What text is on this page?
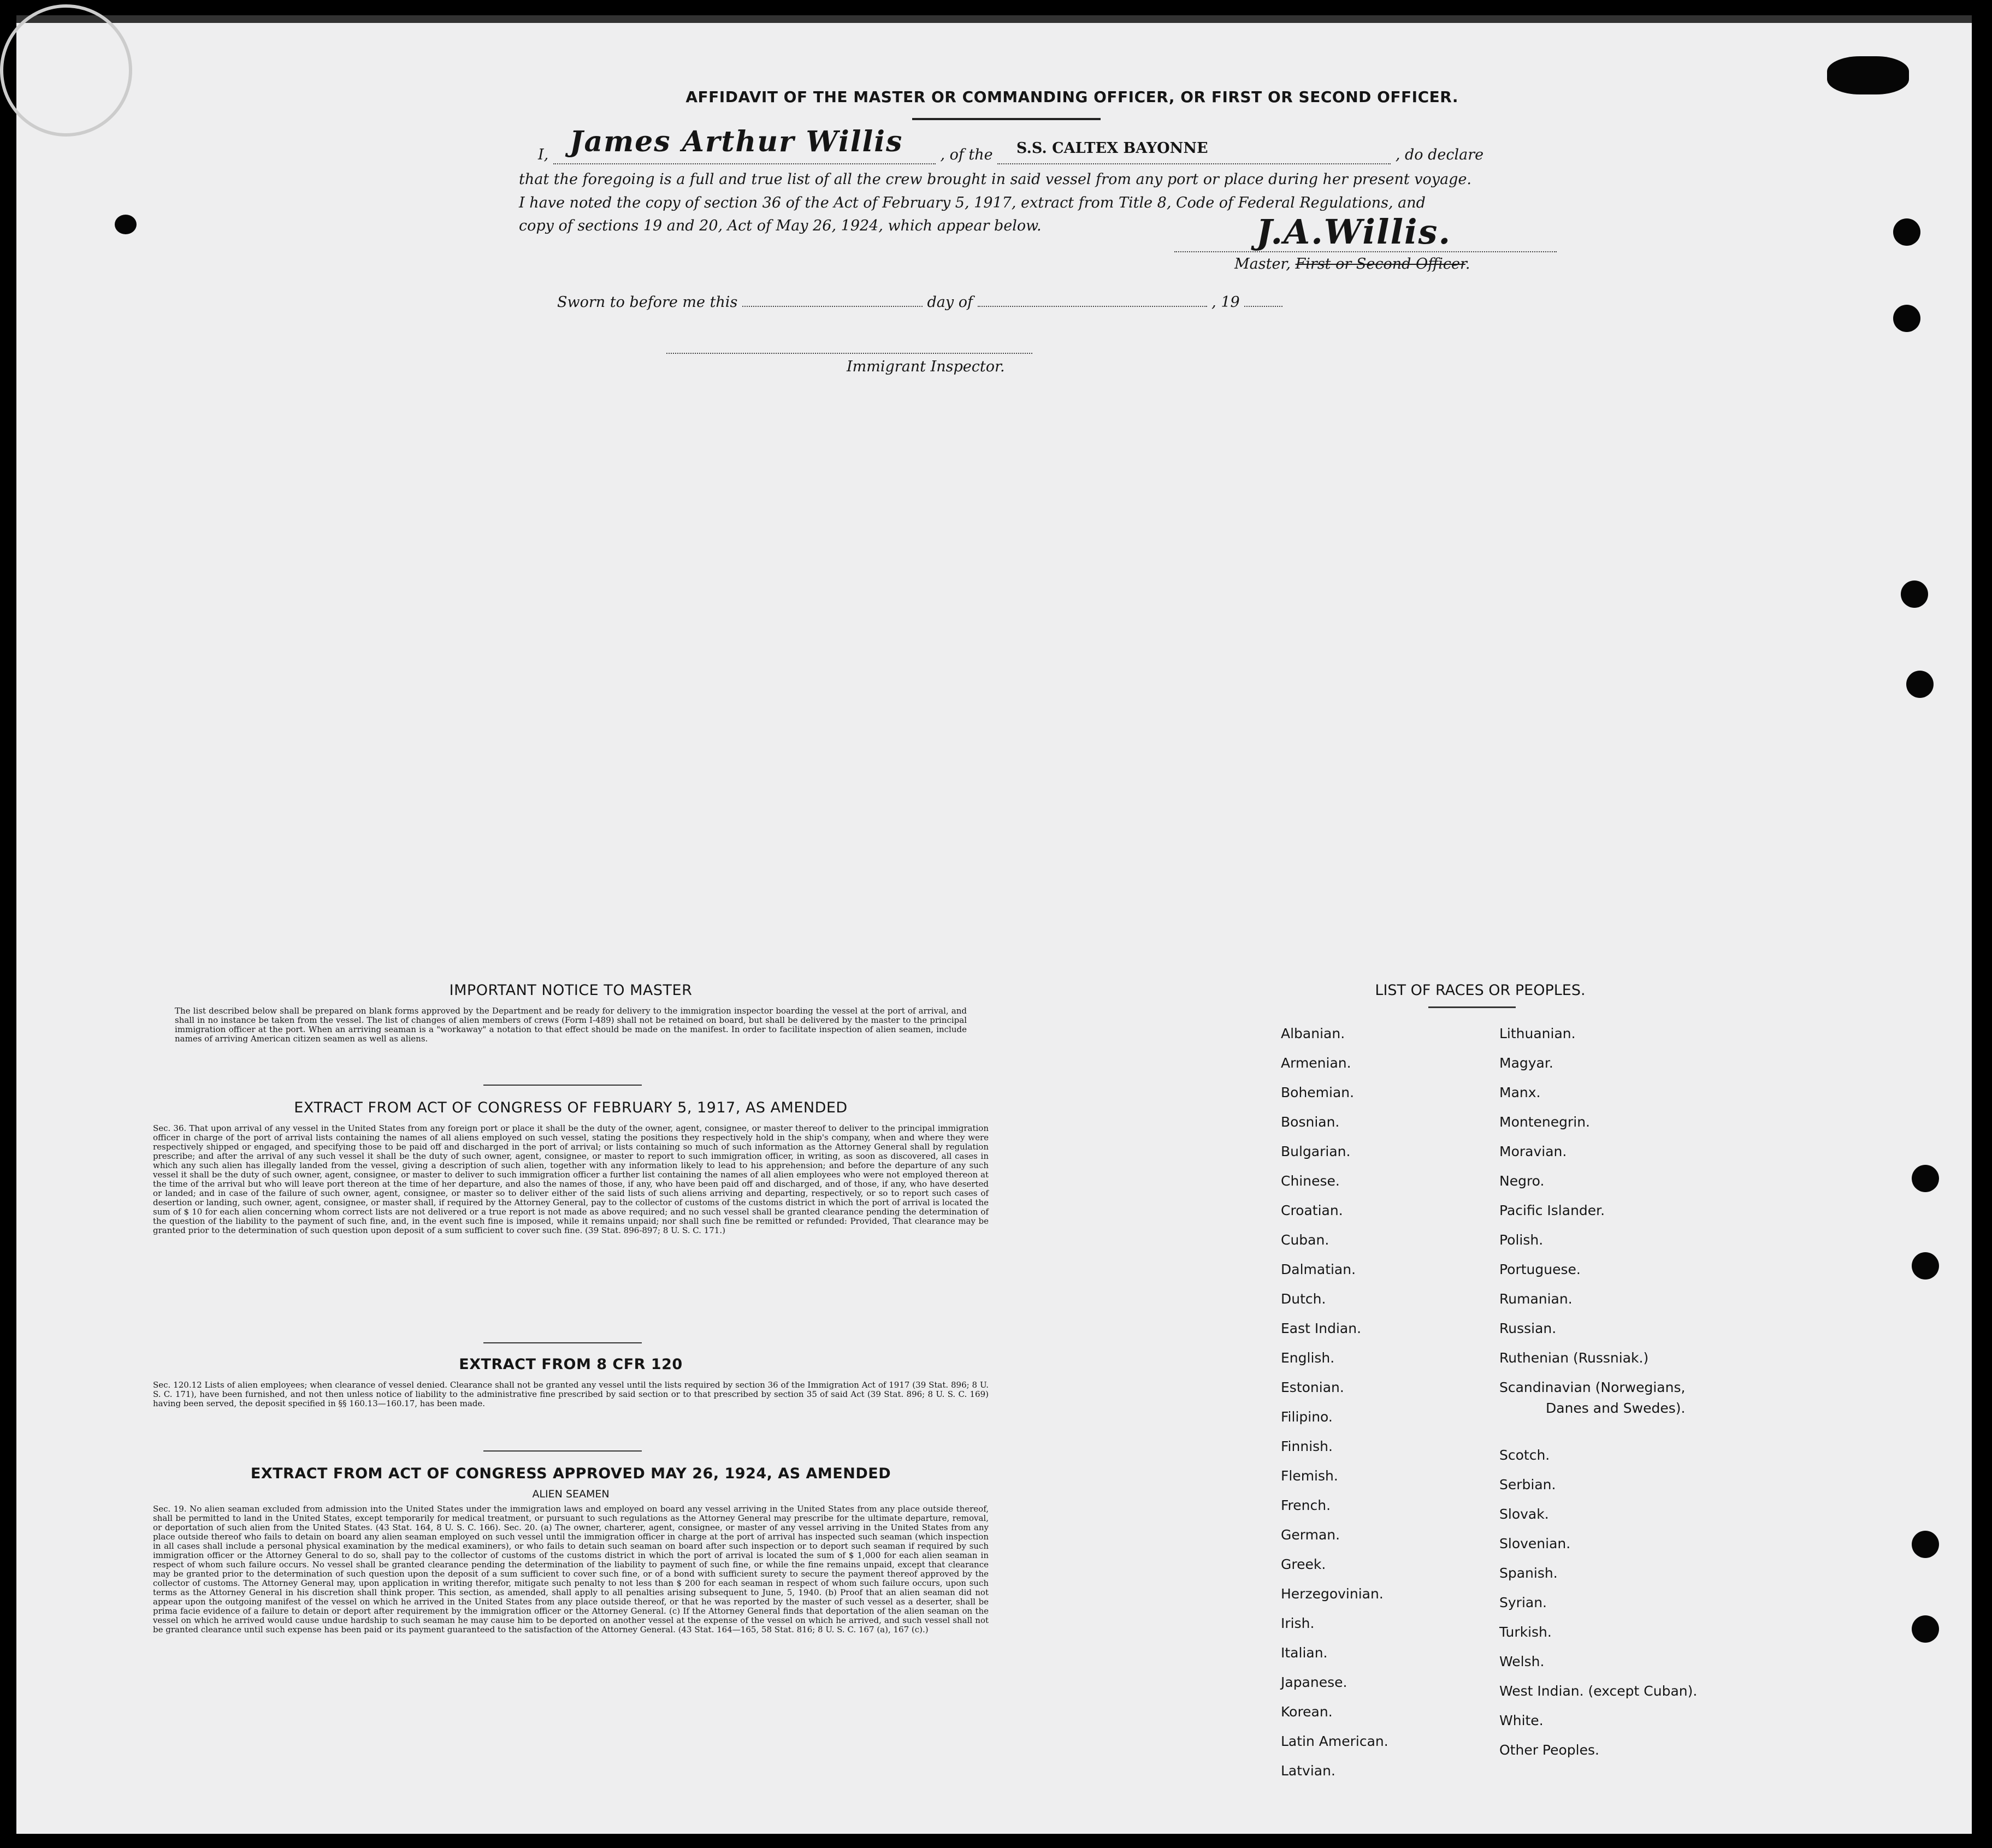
AFFIDAVIT OF THE MASTER OR COMMANDING OFFICER, OR FIRST OR SECOND OFFICER.
I, James Arthur Willis	, of the S.S. CALTEX BAYONNE	, do declare
that the foregoing is a full and true list of all the crew brought in said vessel from any port or place during her present voyage.
I have noted the copy of section 36 of the Act of February 5, 1917, extract from Title 8, Code of Federal Regulations, and
copy of sections 19 and 20, Act of May 26, 1924, which appear below.	J.A.Willis.
Master, First or Second Officer.
Sworn to before me this	day of	, 19
Immigrant Inspector.
IMPORTANT NOTICE TO MASTER
The list described below shall be prepared on blank forms approved by the Department and be ready for delivery to the immigration inspector boarding the vessel at the port of arrival, and shall in no instance be taken from the vessel. The list of changes of alien members of crews (Form I-489) shall not be retained on board, but shall be delivered by the master to the principal immigration officer at the port. When an arriving seaman is a "workaway" a notation to that effect should be made on the manifest. In order to facilitate inspection of alien seamen, include names of arriving American citizen seamen as well as aliens.
EXTRACT FROM ACT OF CONGRESS OF FEBRUARY 5, 1917, AS AMENDED
Sec. 36. That upon arrival of any vessel in the United States from any foreign port or place it shall be the duty of the owner, agent, consignee, or master thereof to deliver to the principal immigration officer in charge of the port of arrival lists containing the names of all aliens employed on such vessel, stating the positions they respectively hold in the ship's company, when and where they were respectively shipped or engaged, and specifying those to be paid off and discharged in the port of arrival; or lists containing so much of such information as the Attorney General shall by regulation prescribe; and after the arrival of any such vessel it shall be the duty of such owner, agent, consignee, or master to report to such immigration officer, in writing, as soon as discovered, all cases in which any such alien has illegally landed from the vessel, giving a description of such alien, together with any information likely to lead to his apprehension; and before the departure of any such vessel it shall be the duty of such owner, agent, consignee, or master to deliver to such immigration officer a further list containing the names of all alien employees who were not employed thereon at the time of the arrival but who will leave port thereon at the time of her departure, and also the names of those, if any, who have been paid off and discharged, and of those, if any, who have deserted or landed; and in case of the failure of such owner, agent, consignee, or master so to deliver either of the said lists of such aliens arriving and departing, respectively, or so to report such cases of desertion or landing, such owner, agent, consignee, or master shall, if required by the Attorney General, pay to the collector of customs of the customs district in which the port of arrival is located the sum of $ 10 for each alien concerning whom correct lists are not delivered or a true report is not made as above required; and no such vessel shall be granted clearance pending the determination of the question of the liability to the payment of such fine, and, in the event such fine is imposed, while it remains unpaid; nor shall such fine be remitted or refunded: Provided, That clearance may be granted prior to the determination of such question upon deposit of a sum sufficient to cover such fine. (39 Stat. 896-897; 8 U. S. C. 171.)
EXTRACT FROM 8 CFR 120
Sec. 120.12 Lists of alien employees; when clearance of vessel denied. Clearance shall not be granted any vessel until the lists required by section 36 of the Immigration Act of 1917 (39 Stat. 896; 8 U. S. C. 171), have been furnished, and not then unless notice of liability to the administrative fine prescribed by said section or to that prescribed by section 35 of said Act (39 Stat. 896; 8 U. S. C. 169) having been served, the deposit specified in §§ 160.13—160.17, has been made.
EXTRACT FROM ACT OF CONGRESS APPROVED MAY 26, 1924, AS AMENDED
ALIEN SEAMEN
Sec. 19. No alien seaman excluded from admission into the United States under the immigration laws and employed on board any vessel arriving in the United States from any place outside thereof, shall be permitted to land in the United States, except temporarily for medical treatment, or pursuant to such regulations as the Attorney General may prescribe for the ultimate departure, removal, or deportation of such alien from the United States. (43 Stat. 164, 8 U. S. C. 166). Sec. 20. (a) The owner, charterer, agent, consignee, or master of any vessel arriving in the United States from any place outside thereof who fails to detain on board any alien seaman employed on such vessel until the immigration officer in charge at the port of arrival has inspected such seaman (which inspection in all cases shall include a personal physical examination by the medical examiners), or who fails to detain such seaman on board after such inspection or to deport such seaman if required by such immigration officer or the Attorney General to do so, shall pay to the collector of customs of the customs district in which the port of arrival is located the sum of $ 1,000 for each alien seaman in respect of whom such failure occurs. No vessel shall be granted clearance pending the determination of the liability to payment of such fine, or while the fine remains unpaid, except that clearance may be granted prior to the determination of such question upon the deposit of a sum sufficient to cover such fine, or of a bond with sufficient surety to secure the payment thereof approved by the collector of customs. The Attorney General may, upon application in writing therefor, mitigate such penalty to not less than $ 200 for each seaman in respect of whom such failure occurs, upon such terms as the Attorney General in his discretion shall think proper. This section, as amended, shall apply to all penalties arising subsequent to June, 5, 1940. (b) Proof that an alien seaman did not appear upon the outgoing manifest of the vessel on which he arrived in the United States from any place outside thereof, or that he was reported by the master of such vessel as a deserter, shall be prima facie evidence of a failure to detain or deport after requirement by the immigration officer or the Attorney General. (c) If the Attorney General finds that deportation of the alien seaman on the vessel on which he arrived would cause undue hardship to such seaman he may cause him to be deported on another vessel at the expense of the vessel on which he arrived, and such vessel shall not be granted clearance until such expense has been paid or its payment guaranteed to the satisfaction of the Attorney General. (43 Stat. 164—165, 58 Stat. 816; 8 U. S. C. 167 (a), 167 (c).)
LIST OF RACES OR PEOPLES.
Albanian.
Armenian.
Bohemian.
Bosnian.
Bulgarian.
Chinese.
Croatian.
Cuban.
Dalmatian.
Dutch.
East Indian.
English.
Estonian.
Filipino.
Finnish.
Flemish.
French.
German.
Greek.
Herzegovinian.
Irish.
Italian.
Japanese.
Korean.
Latin American.
Latvian.
Lithuanian.
Magyar.
Manx.
Montenegrin.
Moravian.
Negro.
Pacific Islander.
Polish.
Portuguese.
Rumanian.
Russian.
Ruthenian (Russniak.)
Scandinavian (Norwegians,
Danes and Swedes).
Scotch.
Serbian.
Slovak.
Slovenian.
Spanish.
Syrian.
Turkish.
Welsh.
West Indian. (except Cuban).
White.
Other Peoples.
